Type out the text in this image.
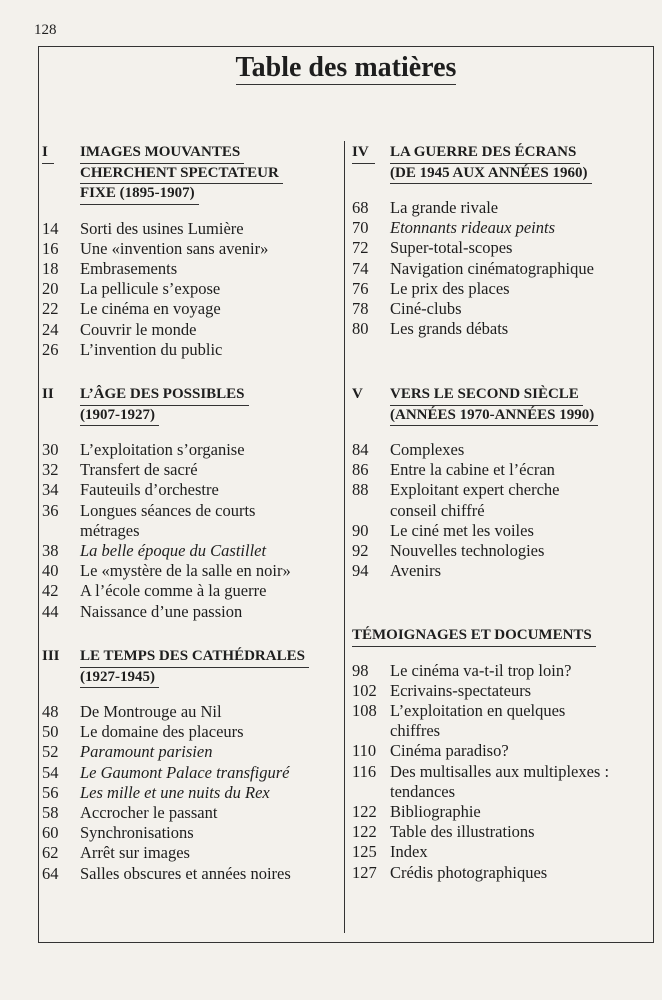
128
Table des matières
I	IMAGES MOUVANTES
CHERCHENT SPECTATEUR
FIXE (1895-1907)
14	Sorti des usines Lumière
16	Une «invention sans avenir»
18	Embrasements
20	La pellicule s’expose
22	Le cinéma en voyage
24	Couvrir le monde
26	L’invention du public
II L’ÂGE DES POSSIBLES
(1907-1927)
30	L’exploitation s’organise
32	Transfert de sacré
34	Fauteuils d’orchestre
36	Longues séances de courts
métrages
38	La belle époque du Castillet
40	Le «mystère de la salle en noir»
42	A l’école comme à la guerre
44	Naissance d’une passion
III LE TEMPS DES CATHÉDRALES
(1927-1945)
48	De Montrouge au Nil
50	Le domaine des placeurs
52	Paramount parisien
54	Le Gaumont Palace transfiguré
56	Les mille et une nuits du Rex
58	Accrocher le passant
60	Synchronisations
62	Arrêt sur images
64	Salles obscures et années noires
IV	LA GUERRE DES ÉCRANS
(DE 1945 AUX ANNÉES 1960)
68	La grande rivale
70	Etonnants rideaux peints
72	Super-total-scopes
74	Navigation cinématographique
76	Le prix des places
78	Ciné-clubs
80	Les grands débats
V VERS LE SECOND SIÈCLE
(ANNÉES 1970-ANNÉES 1990)
84	Complexes
86	Entre la cabine et l’écran
88	Exploitant expert cherche
conseil chiffré
90	Le ciné met les voiles
92	Nouvelles technologies
94	Avenirs
TÉMOIGNAGES ET DOCUMENTS
98	Le cinéma va-t-il trop loin?
102 Ecrivains-spectateurs
108 L’exploitation en quelques
chiffres
110 Cinéma paradiso?
116 Des multisalles aux multiplexes :
tendances
122 Bibliographie
122 Table des illustrations
125 Index
127 Crédis photographiques
